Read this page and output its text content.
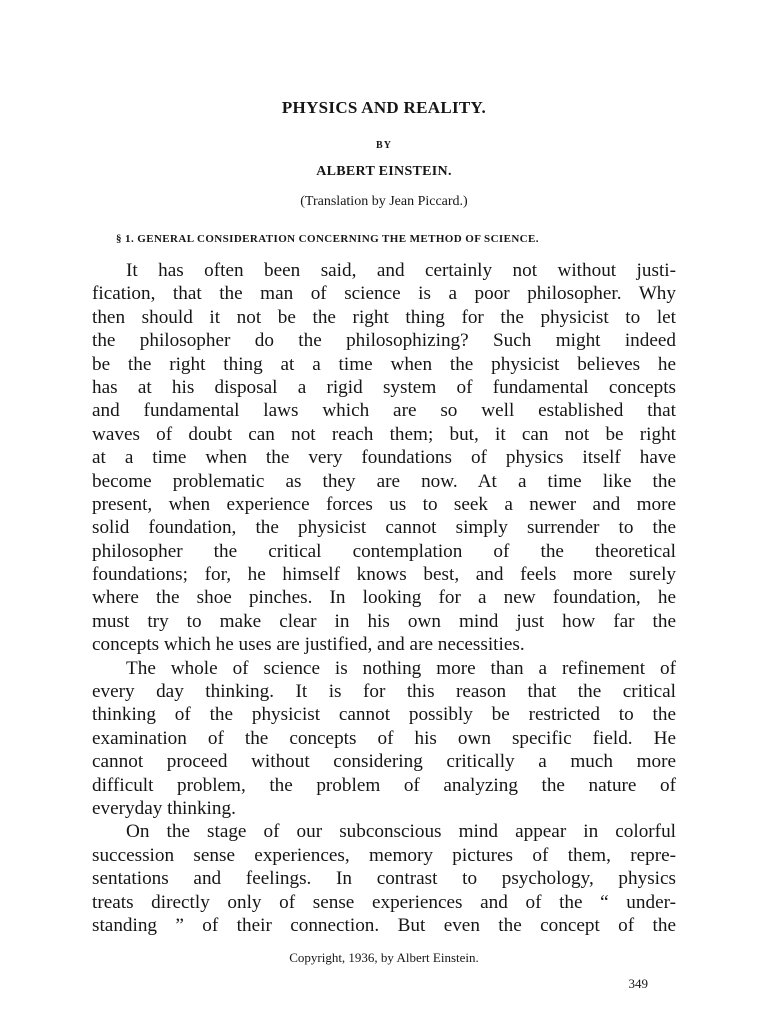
PHYSICS AND REALITY.
BY
ALBERT EINSTEIN.
(Translation by Jean Piccard.)
§ 1. GENERAL CONSIDERATION CONCERNING THE METHOD OF SCIENCE.
It has often been said, and certainly not without justi-
fication, that the man of science is a poor philosopher. Why
then should it not be the right thing for the physicist to let
the philosopher do the philosophizing? Such might indeed
be the right thing at a time when the physicist believes he
has at his disposal a rigid system of fundamental concepts
and fundamental laws which are so well established that
waves of doubt can not reach them; but, it can not be right
at a time when the very foundations of physics itself have
become problematic as they are now. At a time like the
present, when experience forces us to seek a newer and more
solid foundation, the physicist cannot simply surrender to the
philosopher the critical contemplation of the theoretical
foundations; for, he himself knows best, and feels more surely
where the shoe pinches. In looking for a new foundation, he
must try to make clear in his own mind just how far the
concepts which he uses are justified, and are necessities.
The whole of science is nothing more than a refinement of
every day thinking. It is for this reason that the critical
thinking of the physicist cannot possibly be restricted to the
examination of the concepts of his own specific field. He
cannot proceed without considering critically a much more
difficult problem, the problem of analyzing the nature of
everyday thinking.
On the stage of our subconscious mind appear in colorful
succession sense experiences, memory pictures of them, repre-
sentations and feelings. In contrast to psychology, physics
treats directly only of sense experiences and of the “ under-
standing ” of their connection. But even the concept of the
Copyright, 1936, by Albert Einstein.
349
